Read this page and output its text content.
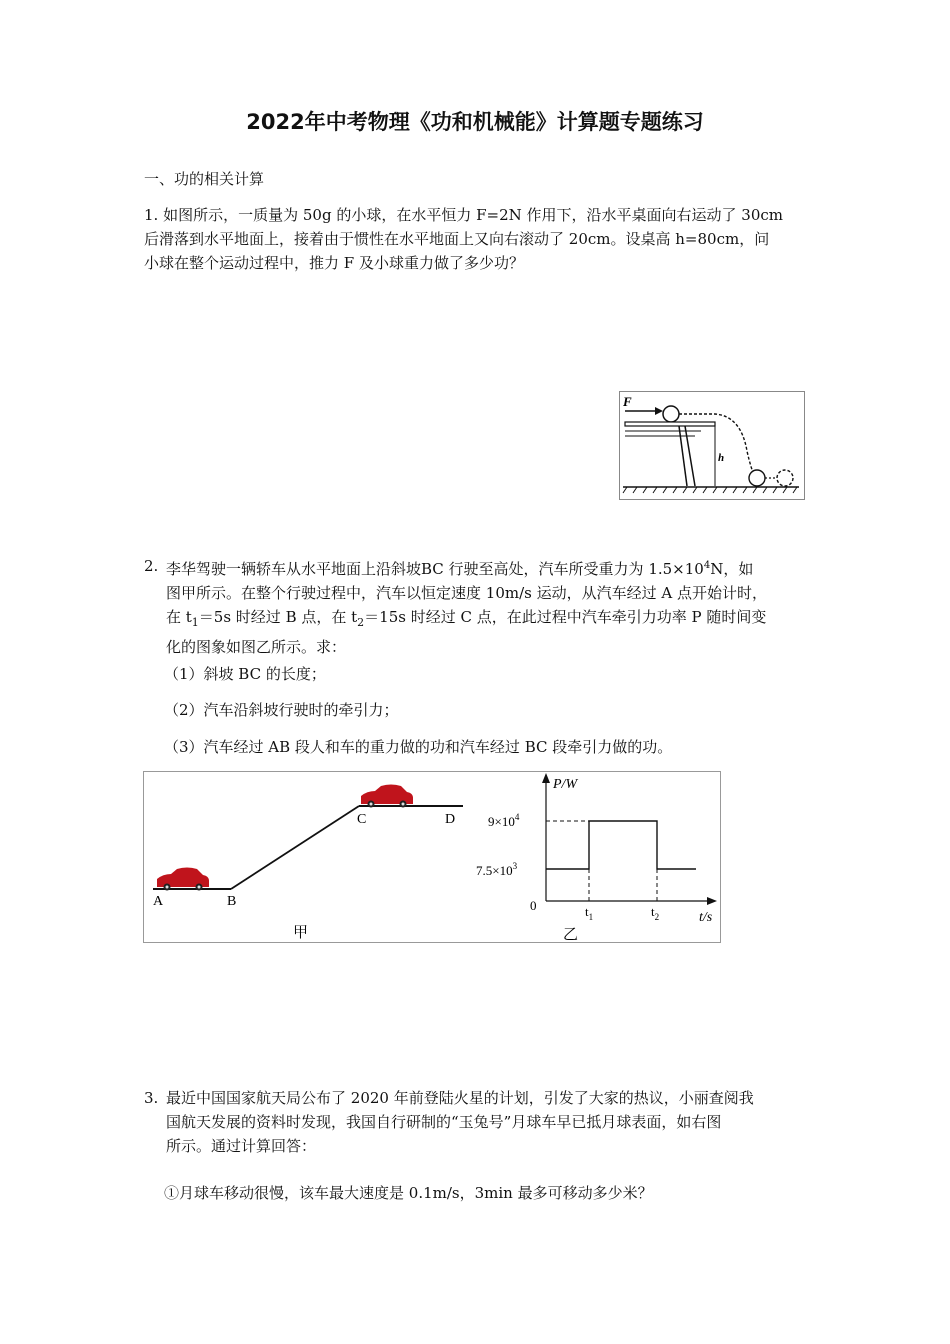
2022年中考物理《功和机械能》计算题专题练习
一、功的相关计算
1. 如图所示，一质量为 50g 的小球，在水平恒力 F=2N 作用下，沿水平桌面向右运动了 30cm
后滑落到水平地面上，接着由于惯性在水平地面上又向右滚动了 20cm。设桌高 h=80cm，问
小球在整个运动过程中，推力 F 及小球重力做了多少功？
F
h
2. 李华驾驶一辆轿车从水平地面上沿斜坡BC 行驶至高处，汽车所受重力为 $1.5\times 10^4N$，如
图甲所示。在整个行驶过程中，汽车以恒定速度 10m/s 运动，从汽车经过 A 点开始计时，
在 $t_1=5s$ 时经过 B 点，在 $t_2=15s$ 时经过 C 点，在此过程中汽车牵引力功率 P 随时间变
化的图象如图乙所示。求：
（1）斜坡 BC 的长度；
（2）汽车沿斜坡行驶时的牵引力；
（3）汽车经过 AB 段人和车的重力做的功和汽车经过 BC 段牵引力做的功。
A	B
C	D
甲
P/W
t/s
0
$9\times 10^4$
$7.5\times 10^3$
$t_1$	$t_2$
乙
3. 最近中国国家航天局公布了 2020 年前登陆火星的计划，引发了大家的热议，小丽查阅我
国航天发展的资料时发现，我国自行研制的“玉兔号”月球车早已抵月球表面，如右图
所示。通过计算回答：
①月球车移动很慢，该车最大速度是 0.1m/s，3min 最多可移动多少米？
